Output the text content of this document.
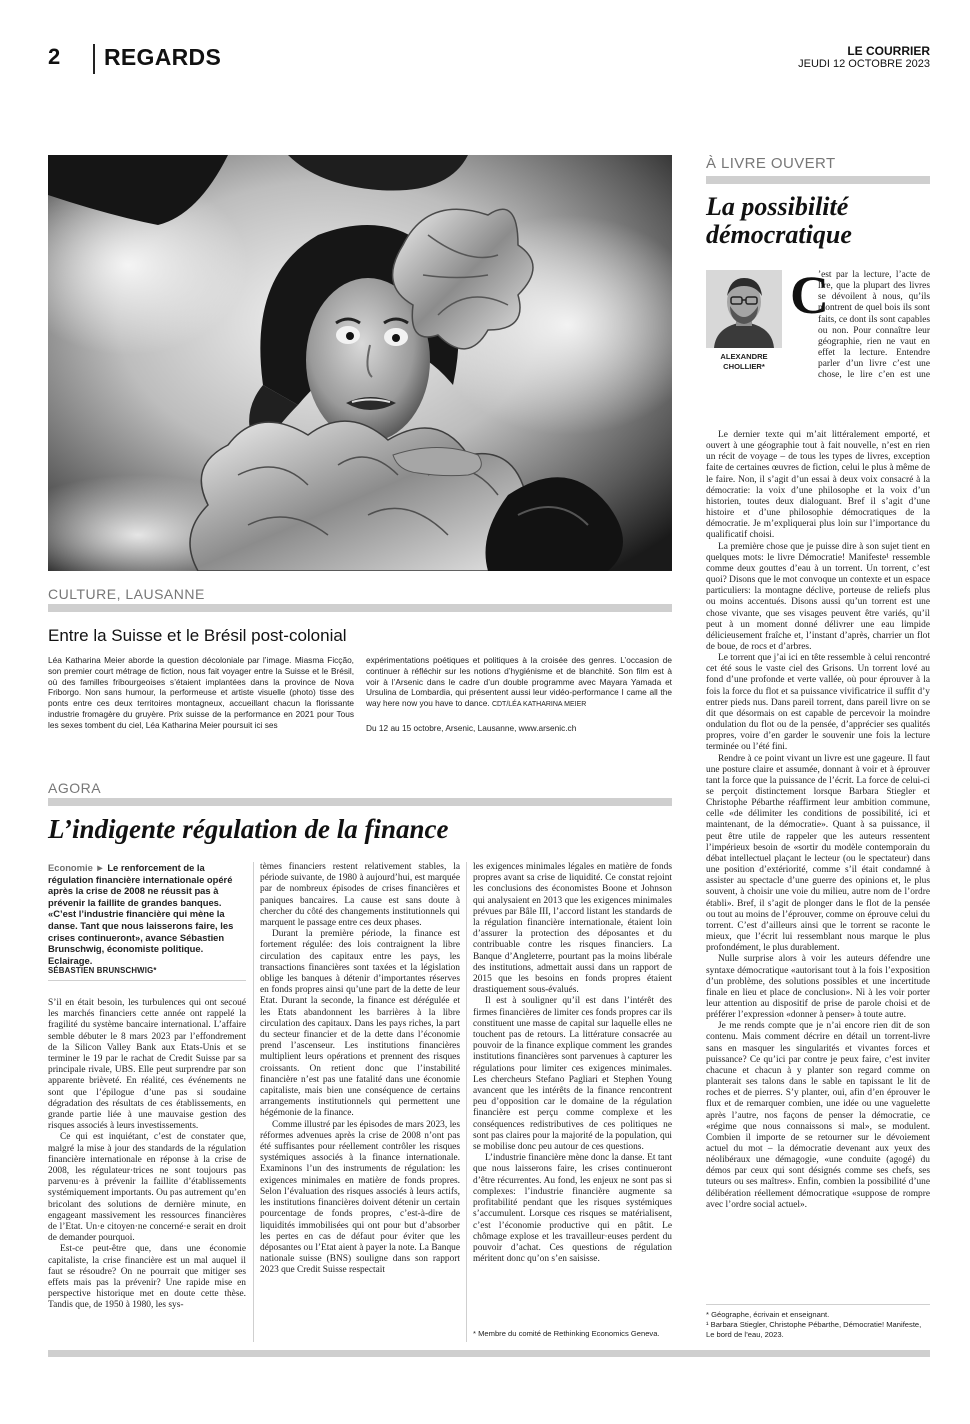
2 REGARDS	LE COURRIER
JEUDI 12 OCTOBRE 2023
CULTURE, LAUSANNE
Entre la Suisse et le Brésil post-colonial
Léa Katharina Meier aborde la question décoloniale par l’image. Miasma Ficção, son premier court métrage de fiction, nous fait voyager entre la Suisse et le Brésil, où des familles fribourgeoises s’étaient implantées dans la province de Nova Friborgo. Non sans humour, la performeuse et artiste visuelle (photo) tisse des ponts entre ces deux territoires montagneux, accueillant chacun la florissante industrie fromagère du gruyère. Prix suisse de la performance en 2021 pour Tous les sexes tombent du ciel, Léa Katharina Meier poursuit ici ses
expérimentations poétiques et politiques à la croisée des genres. L’occasion de continuer à réfléchir sur les notions d’hygiénisme et de blanchité. Son film est à voir à l’Arsenic dans le cadre d’un double programme avec Mayara Yamada et Ursulina de Lombardia, qui présentent aussi leur vidéo-performance I came all the way here now you have to dance. CDT/LÉA KATHARINA MEIER
Du 12 au 15 octobre, Arsenic, Lausanne, www.arsenic.ch
AGORA
L’indigente régulation de la finance
Economie ► Le renforcement de la régulation financière internationale opéré après la crise de 2008 ne réussit pas à prévenir la faillite de grandes banques. «C’est l’industrie financière qui mène la danse. Tant que nous laisserons faire, les crises continueront», avance Sébastien Brunschwig, économiste politique. Eclairage.
SÉBASTIEN BRUNSCHWIG*

S’il en était besoin, les turbulences qui ont secoué les marchés financiers cette année ont rappelé la fragilité du système bancaire international. L’affaire semble débuter le 8 mars 2023 par l’effondrement de la Silicon Valley Bank aux Etats-Unis et se terminer le 19 par le rachat de Credit Suisse par sa principale rivale, UBS. Elle peut surprendre par son apparente brièveté. En réalité, ces événements ne sont que l’épilogue d’une pas si soudaine dégradation des résultats de ces établissements, en grande partie liée à une mauvaise gestion des risques associés à leurs investissements.

Ce qui est inquiétant, c’est de constater que, malgré la mise à jour des standards de la régulation financière internationale en réponse à la crise de 2008, les régulateur·trices ne sont toujours pas parvenu·es à prévenir la faillite d’établissements systémiquement importants. Ou pas autrement qu’en bricolant des solutions de dernière minute, en engageant massivement les ressources financières de l’Etat. Un·e citoyen·ne concerné·e serait en droit de demander pourquoi.

Est-ce peut-être que, dans une économie capitaliste, la crise financière est un mal auquel il faut se résoudre? On ne pourrait que mitiger ses effets mais pas la prévenir? Une rapide mise en perspective historique met en doute cette thèse. Tandis que, de 1950 à 1980, les sys-

tèmes financiers restent relativement stables, la période suivante, de 1980 à aujourd’hui, est marquée par de nombreux épisodes de crises financières et paniques bancaires. La cause est sans doute à chercher du côté des changements institutionnels qui marquent le passage entre ces deux phases.

Durant la première période, la finance est fortement régulée: des lois contraignent la libre circulation des capitaux entre les pays, les transactions financières sont taxées et la législation oblige les banques à détenir d’importantes réserves en fonds propres ainsi qu’une part de la dette de leur Etat. Durant la seconde, la finance est dérégulée et les Etats abandonnent les barrières à la libre circulation des capitaux. Dans les pays riches, la part du secteur financier et de la dette dans l’économie prend l’ascenseur. Les institutions financières multiplient leurs opérations et prennent des risques croissants. On retient donc que l’instabilité financière n’est pas une fatalité dans une économie capitaliste, mais bien une conséquence de certains arrangements institutionnels qui permettent une hégémonie de la finance.

Comme illustré par les épisodes de mars 2023, les réformes advenues après la crise de 2008 n’ont pas été suffisantes pour réellement contrôler les risques systémiques associés à la finance internationale. Examinons l’un des instruments de régulation: les exigences minimales en matière de fonds propres. Selon l’évaluation des risques associés à leurs actifs, les institutions financières doivent détenir un certain pourcentage de fonds propres, c’est-à-dire de liquidités immobilisées qui ont pour but d’absorber les pertes en cas de défaut pour éviter que les déposantes ou l’Etat aient à payer la note. La Banque nationale suisse (BNS) souligne dans son rapport 2023 que Credit Suisse respectait

les exigences minimales légales en matière de fonds propres avant sa crise de liquidité. Ce constat rejoint les conclusions des économistes Boone et Johnson qui analysaient en 2013 que les exigences minimales prévues par Bâle III, l’accord listant les standards de la régulation financière internationale, étaient loin d’assurer la protection des déposantes et du contribuable contre les risques financiers. La Banque d’Angleterre, pourtant pas la moins libérale des institutions, admettait aussi dans un rapport de 2015 que les besoins en fonds propres étaient drastiquement sous-évalués.

Il est à souligner qu’il est dans l’intérêt des firmes financières de limiter ces fonds propres car ils constituent une masse de capital sur laquelle elles ne touchent pas de retours. La littérature consacrée au pouvoir de la finance explique comment les grandes institutions financières sont parvenues à capturer les régulations pour limiter ces exigences minimales. Les chercheurs Stefano Pagliari et Stephen Young avancent que les intérêts de la finance rencontrent peu d’opposition car le domaine de la régulation financière est perçu comme complexe et les conséquences redistributives de ces politiques ne sont pas claires pour la majorité de la population, qui se mobilise donc peu autour de ces questions.

L’industrie financière mène donc la danse. Et tant que nous laisserons faire, les crises continueront d’être récurrentes. Au fond, les enjeux ne sont pas si complexes: l’industrie financière augmente sa profitabilité pendant que les risques systémiques s’accumulent. Lorsque ces risques se matérialisent, c’est l’économie productive qui en pâtit. Le chômage explose et les travailleur·euses perdent du pouvoir d’achat. Ces questions de régulation méritent donc qu’on s’en saisisse.

* Membre du comité de Rethinking Economics Geneva.
À LIVRE OUVERT
La possibilité démocratique
ALEXANDRE CHOLLIER*
C
’est par la lecture, l’acte de lire, que la plupart des livres se dévoilent à nous, qu’ils montrent de quel bois ils sont faits, ce dont ils sont capables ou non. Pour connaître leur géographie, rien ne vaut en effet la lecture. Entendre parler d’un livre c’est une chose, le lire c’en est une

Le dernier texte qui m’ait littéralement emporté, et ouvert à une géographie tout à fait nouvelle, n’est en rien un récit de voyage – de tous les types de livres, exception faite de certaines œuvres de fiction, celui le plus à même de le faire. Non, il s’agit d’un essai à deux voix consacré à la démocratie: la voix d’une philosophe et la voix d’un historien, toutes deux dialoguant. Bref il s’agit d’une histoire et d’une philosophie démocratiques de la démocratie. Je m’expliquerai plus loin sur l’importance du qualificatif choisi.

La première chose que je puisse dire à son sujet tient en quelques mots: le livre Démocratie! Manifeste¹ ressemble comme deux gouttes d’eau à un torrent. Un torrent, c’est quoi? Disons que le mot convoque un contexte et un espace particuliers: la montagne déclive, porteuse de reliefs plus ou moins accentués. Disons aussi qu’un torrent est une chose vivante, que ses visages peuvent être variés, qu’il peut à un moment donné délivrer une eau limpide délicieusement fraîche et, l’instant d’après, charrier un flot de boue, de rocs et d’arbres.

Le torrent que j’ai ici en tête ressemble à celui rencontré cet été sous le vaste ciel des Grisons. Un torrent lové au fond d’une profonde et verte vallée, où pour éprouver à la fois la force du flot et sa puissance vivificatrice il suffit d’y entrer pieds nus. Dans pareil torrent, dans pareil livre on se dit que désormais on est capable de percevoir la moindre ondulation du flot ou de la pensée, d’apprécier ses qualités propres, voire d’en garder le souvenir une fois la lecture terminée ou l’été fini.

Rendre à ce point vivant un livre est une gageure. Il faut une posture claire et assumée, donnant à voir et à éprouver tant la force que la puissance de l’écrit. La force de celui-ci se perçoit distinctement lorsque Barbara Stiegler et Christophe Pébarthe réaffirment leur ambition commune, celle «de délimiter les conditions de possibilité, ici et maintenant, de la démocratie». Quant à sa puissance, il peut être utile de rappeler que les auteurs ressentent l’impérieux besoin de «sortir du modèle contemporain du débat intellectuel plaçant le lecteur (ou le spectateur) dans une position d’extériorité, comme s’il était condamné à assister au spectacle d’une guerre des opinions et, le plus souvent, à choisir une voie du milieu, autre nom de l’ordre établi». Bref, il s’agit de plonger dans le flot de la pensée ou tout au moins de l’éprouver, comme on éprouve celui du torrent. C’est d’ailleurs ainsi que le torrent se raconte le mieux, que l’écrit lui ressemblant nous marque le plus profondément, le plus durablement.

Nulle surprise alors à voir les auteurs défendre une syntaxe démocratique «autorisant tout à la fois l’exposition d’un problème, des solutions possibles et une incertitude finale en lieu et place de conclusion». Ni à les voir porter leur attention au dispositif de prise de parole choisi et de préférer l’expression «donner à penser» à toute autre.

Je me rends compte que je n’ai encore rien dit de son contenu. Mais comment décrire en détail un torrent-livre sans en masquer les singularités et vivantes forces et puissance? Ce qu’ici par contre je peux faire, c’est inviter chacune et chacun à y planter son regard comme on planterait ses talons dans le sable en tapissant le lit de roches et de pierres. S’y planter, oui, afin d’en éprouver le flux et de remarquer combien, une idée ou une vaguelette après l’autre, nos façons de penser la démocratie, ce «régime que nous connaissons si mal», se modulent. Combien il importe de se retourner sur le dévoiement actuel du mot – la démocratie devenant aux yeux des néolibéraux une démagogie, «une conduite (agogé) du démos par ceux qui sont désignés comme ses chefs, ses tuteurs ou ses maîtres». Enfin, combien la possibilité d’une délibération réellement démocratique «suppose de rompre avec l’ordre social actuel».

* Géographe, écrivain et enseignant.
¹ Barbara Stiegler, Christophe Pébarthe, Démocratie! Manifeste, Le bord de l’eau, 2023.
